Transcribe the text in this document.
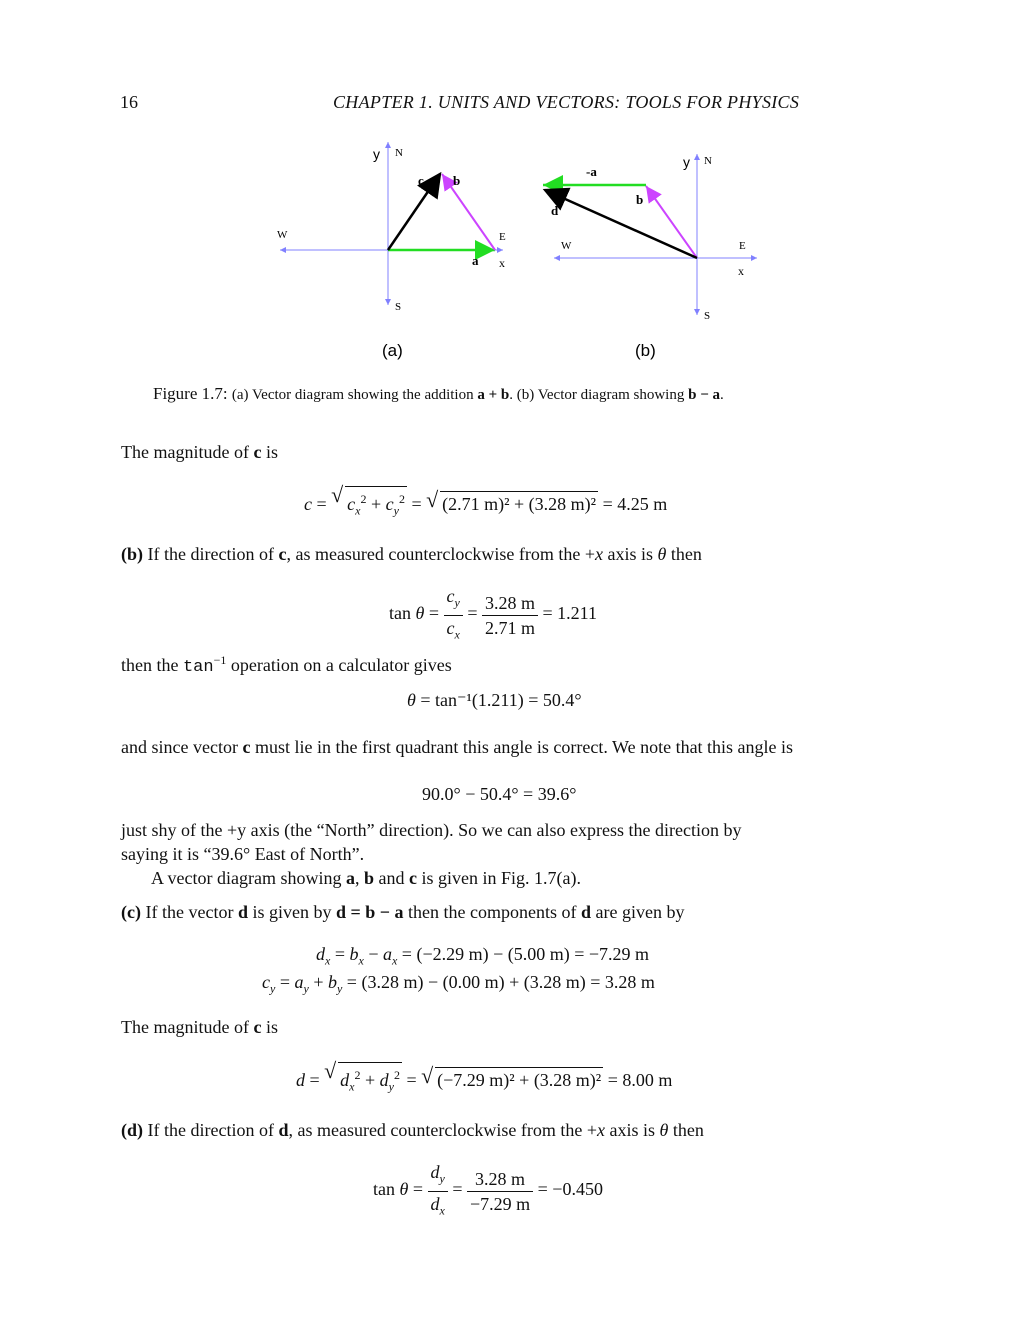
16	CHAPTER 1. UNITS AND VECTORS: TOOLS FOR PHYSICS
y N
c b
W	E
a x
S
-a
y N
b
d
W	E
x
S
(a)	(b)
Figure 1.7: (a) Vector diagram showing the addition a + b. (b) Vector diagram showing b − a.
The magnitude of c is
c = √ $c_x^2 + c_y^2$ = √ (2.71 m)² + (3.28 m)² = 4.25 m
(b) If the direction of c, as measured counterclockwise from the +x axis is θ then
$\tan \theta = \frac{c_y}{c_x} = \frac{3.28 m}{2.71 m} = 1.211$
then the $\tan^{-1}$ operation on a calculator gives
θ = tan⁻¹(1.211) = 50.4°
and since vector c must lie in the first quadrant this angle is correct. We note that this angle is
90.0° − 50.4° = 39.6°
just shy of the +y axis (the “North” direction). So we can also express the direction by
saying it is “39.6° East of North”.
A vector diagram showing a, b and c is given in Fig. 1.7(a).
(c) If the vector d is given by d = b − a then the components of d are given by
$d_x = b_x - a_x = (-2.29$ m) − (5.00 m) = −7.29 m
$c_y = a_y + b_y = (3.28$ m) − (0.00 m) + (3.28 m) = 3.28 m
The magnitude of c is
d = √ $d_x^2 + d_y^2$ = √ (−7.29 m)² + (3.28 m)² = 8.00 m
(d) If the direction of d, as measured counterclockwise from the +x axis is θ then
$\tan \theta = \frac{d_y}{d_x} = \frac{3.28 m}{-7.29 m} = -0.450$
